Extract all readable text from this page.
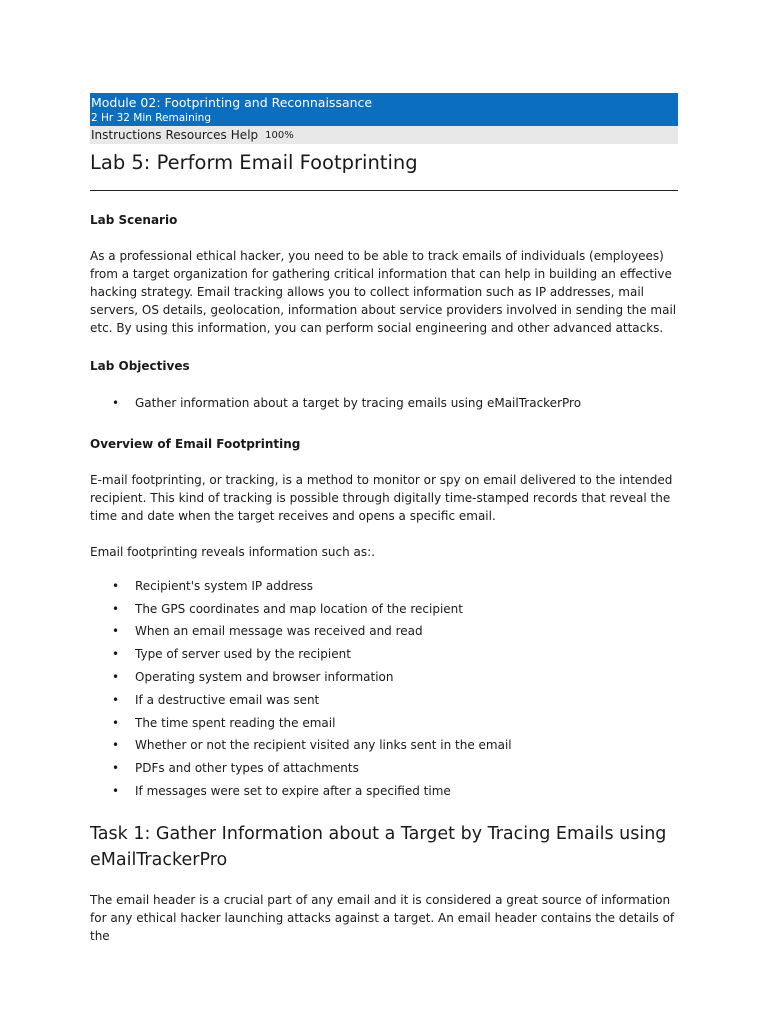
Module 02: Footprinting and Reconnaissance
2 Hr 32 Min Remaining
Instructions Resources Help 100%
Lab 5: Perform Email Footprinting
Lab Scenario

As a professional ethical hacker, you need to be able to track emails of individuals (employees) from a target organization for gathering critical information that can help in building an effective hacking strategy. Email tracking allows you to collect information such as IP addresses, mail servers, OS details, geolocation, information about service providers involved in sending the mail etc. By using this information, you can perform social engineering and other advanced attacks.

Lab Objectives
• Gather information about a target by tracing emails using eMailTrackerPro
Overview of Email Footprinting

E-mail footprinting, or tracking, is a method to monitor or spy on email delivered to the intended recipient. This kind of tracking is possible through digitally time-stamped records that reveal the time and date when the target receives and opens a specific email.

Email footprinting reveals information such as:.

• Recipient's system IP address
• The GPS coordinates and map location of the recipient
• When an email message was received and read
• Type of server used by the recipient
• Operating system and browser information
• If a destructive email was sent
• The time spent reading the email
• Whether or not the recipient visited any links sent in the email
• PDFs and other types of attachments
• If messages were set to expire after a specified time
Task 1: Gather Information about a Target by Tracing Emails using eMailTrackerPro

The email header is a crucial part of any email and it is considered a great source of information for any ethical hacker launching attacks against a target. An email header contains the details of the
